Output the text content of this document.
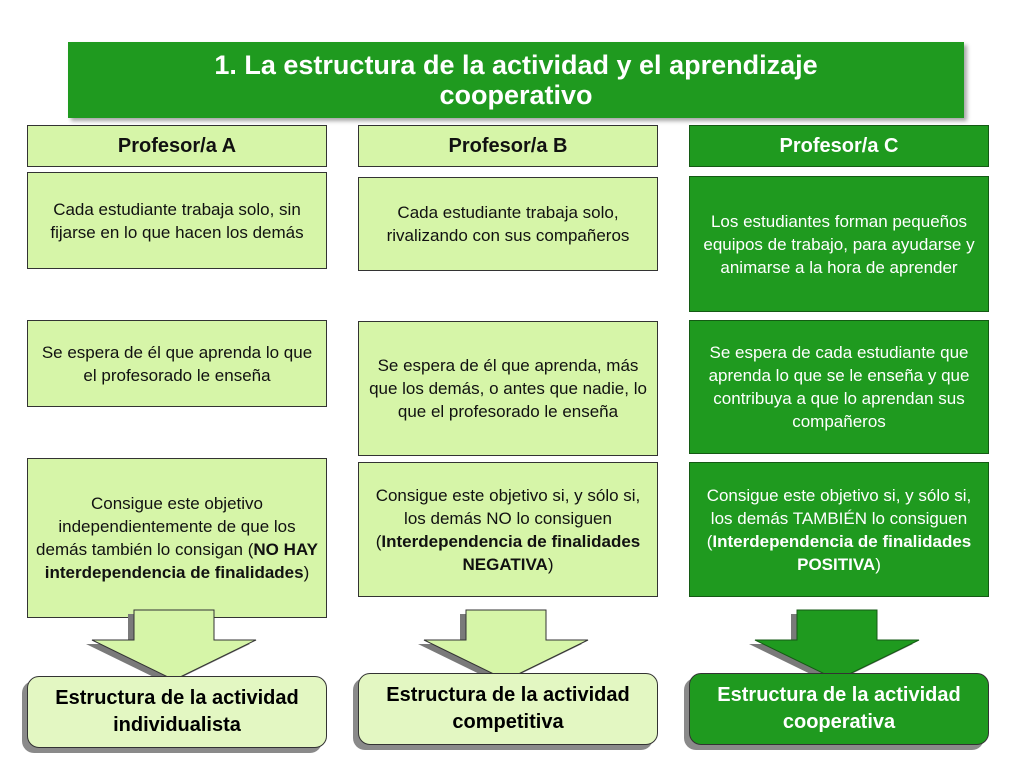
1. La estructura de la actividad y el aprendizaje
cooperativo
Profesor/a A
Cada estudiante trabaja solo, sin fijarse en lo que hacen los demás
Se espera de él que aprenda lo que el profesorado le enseña
Consigue este objetivo independientemente de que los demás también lo consigan (NO HAY interdependencia de finalidades)
Profesor/a B
Cada estudiante trabaja solo, rivalizando con sus compañeros
Se espera de él que aprenda, más que los demás, o antes que nadie, lo que el profesorado le enseña
Consigue este objetivo si, y sólo si, los demás NO lo consiguen (Interdependencia de finalidades NEGATIVA)
Profesor/a C
Los estudiantes forman pequeños equipos de trabajo, para ayudarse y animarse a la hora de aprender
Se espera de cada estudiante que aprenda lo que se le enseña y que contribuya a que lo aprendan sus compañeros
Consigue este objetivo si, y sólo si, los demás TAMBIÉN lo consiguen (Interdependencia de finalidades POSITIVA)
Estructura de la actividad individualista
Estructura de la actividad competitiva
Estructura de la actividad cooperativa
